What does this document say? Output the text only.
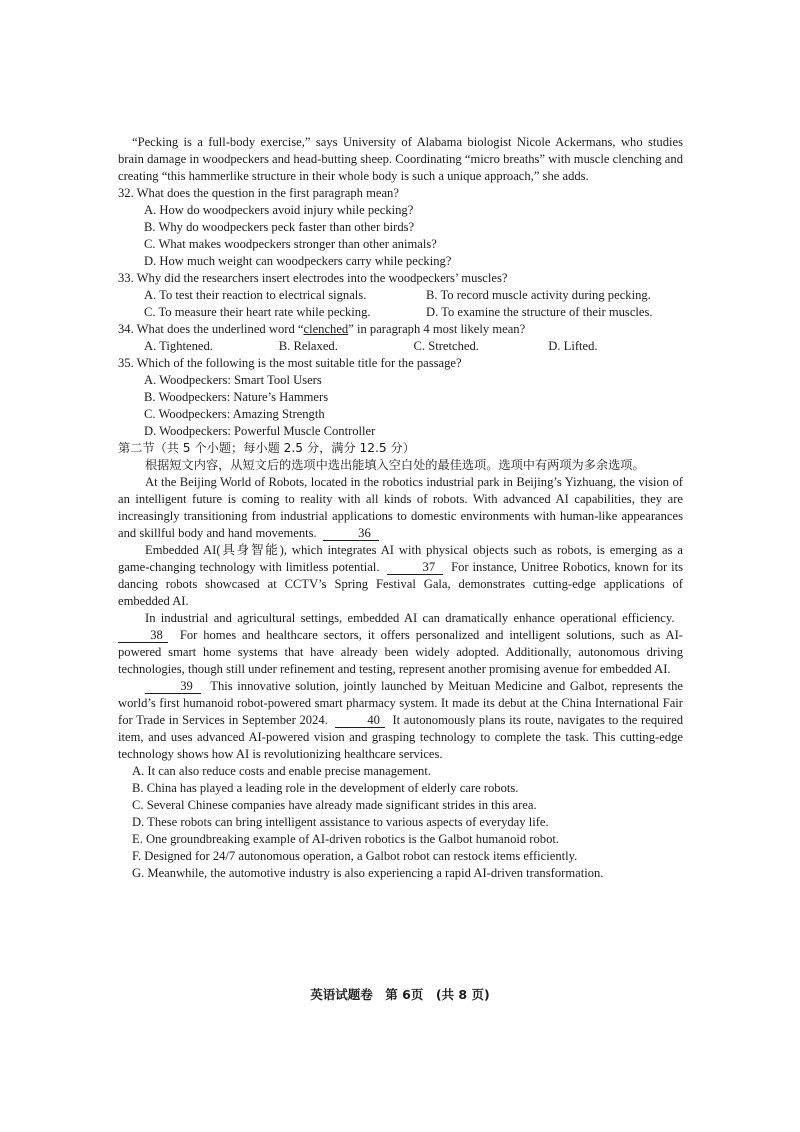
“Pecking is a full-body exercise,” says University of Alabama biologist Nicole Ackermans, who studies brain damage in woodpeckers and head-butting sheep. Coordinating “micro breaths” with muscle clenching and creating “this hammerlike structure in their whole body is such a unique approach,” she adds.

32. What does the question in the first paragraph mean?

A. How do woodpeckers avoid injury while pecking?
B. Why do woodpeckers peck faster than other birds?
C. What makes woodpeckers stronger than other animals?
D. How much weight can woodpeckers carry while pecking?

33. Why did the researchers insert electrodes into the woodpeckers’ muscles?

A. To test their reaction to electrical signals.	B. To record muscle activity during pecking.
C. To measure their heart rate while pecking.	D. To examine the structure of their muscles.

34. What does the underlined word “clenched” in paragraph 4 most likely mean?

A. Tightened.	B. Relaxed.	C. Stretched.	D. Lifted.

35. Which of the following is the most suitable title for the passage?

A. Woodpeckers: Smart Tool Users
B. Woodpeckers: Nature’s Hammers
C. Woodpeckers: Amazing Strength
D. Woodpeckers: Powerful Muscle Controller

第二节（共 5 个小题；每小题 2.5 分，满分 12.5 分）

根据短文内容，从短文后的选项中选出能填入空白处的最佳选项。选项中有两项为多余选项。

At the Beijing World of Robots, located in the robotics industrial park in Beijing’s Yizhuang, the vision of an intelligent future is coming to reality with all kinds of robots. With advanced AI capabilities, they are increasingly transitioning from industrial applications to domestic environments with human-like appearances and skillful body and hand movements.	36

Embedded AI(具身智能), which integrates AI with physical objects such as robots, is emerging as a game-changing technology with limitless potential.	37 For instance, Unitree Robotics, known for its dancing robots showcased at CCTV’s Spring Festival Gala, demonstrates cutting-edge applications of embedded AI.

In industrial and agricultural settings, embedded AI can dramatically enhance operational efficiency.  38 For homes and healthcare sectors, it offers personalized and intelligent solutions, such as AI-powered smart home systems that have already been widely adopted. Additionally, autonomous driving technologies, though still under refinement and testing, represent another promising avenue for embedded AI.

39 This innovative solution, jointly launched by Meituan Medicine and Galbot, represents the world’s first humanoid robot-powered smart pharmacy system. It made its debut at the China International Fair for Trade in Services in September 2024.	40 It autonomously plans its route, navigates to the required item, and uses advanced AI-powered vision and grasping technology to complete the task. This cutting-edge technology shows how AI is revolutionizing healthcare services.

A. It can also reduce costs and enable precise management.
B. China has played a leading role in the development of elderly care robots.
C. Several Chinese companies have already made significant strides in this area.
D. These robots can bring intelligent assistance to various aspects of everyday life.
E. One groundbreaking example of AI-driven robotics is the Galbot humanoid robot.
F. Designed for 24/7 autonomous operation, a Galbot robot can restock items efficiently.
G. Meanwhile, the automotive industry is also experiencing a rapid AI-driven transformation.
英语试题卷　第 6页　(共 8 页)
